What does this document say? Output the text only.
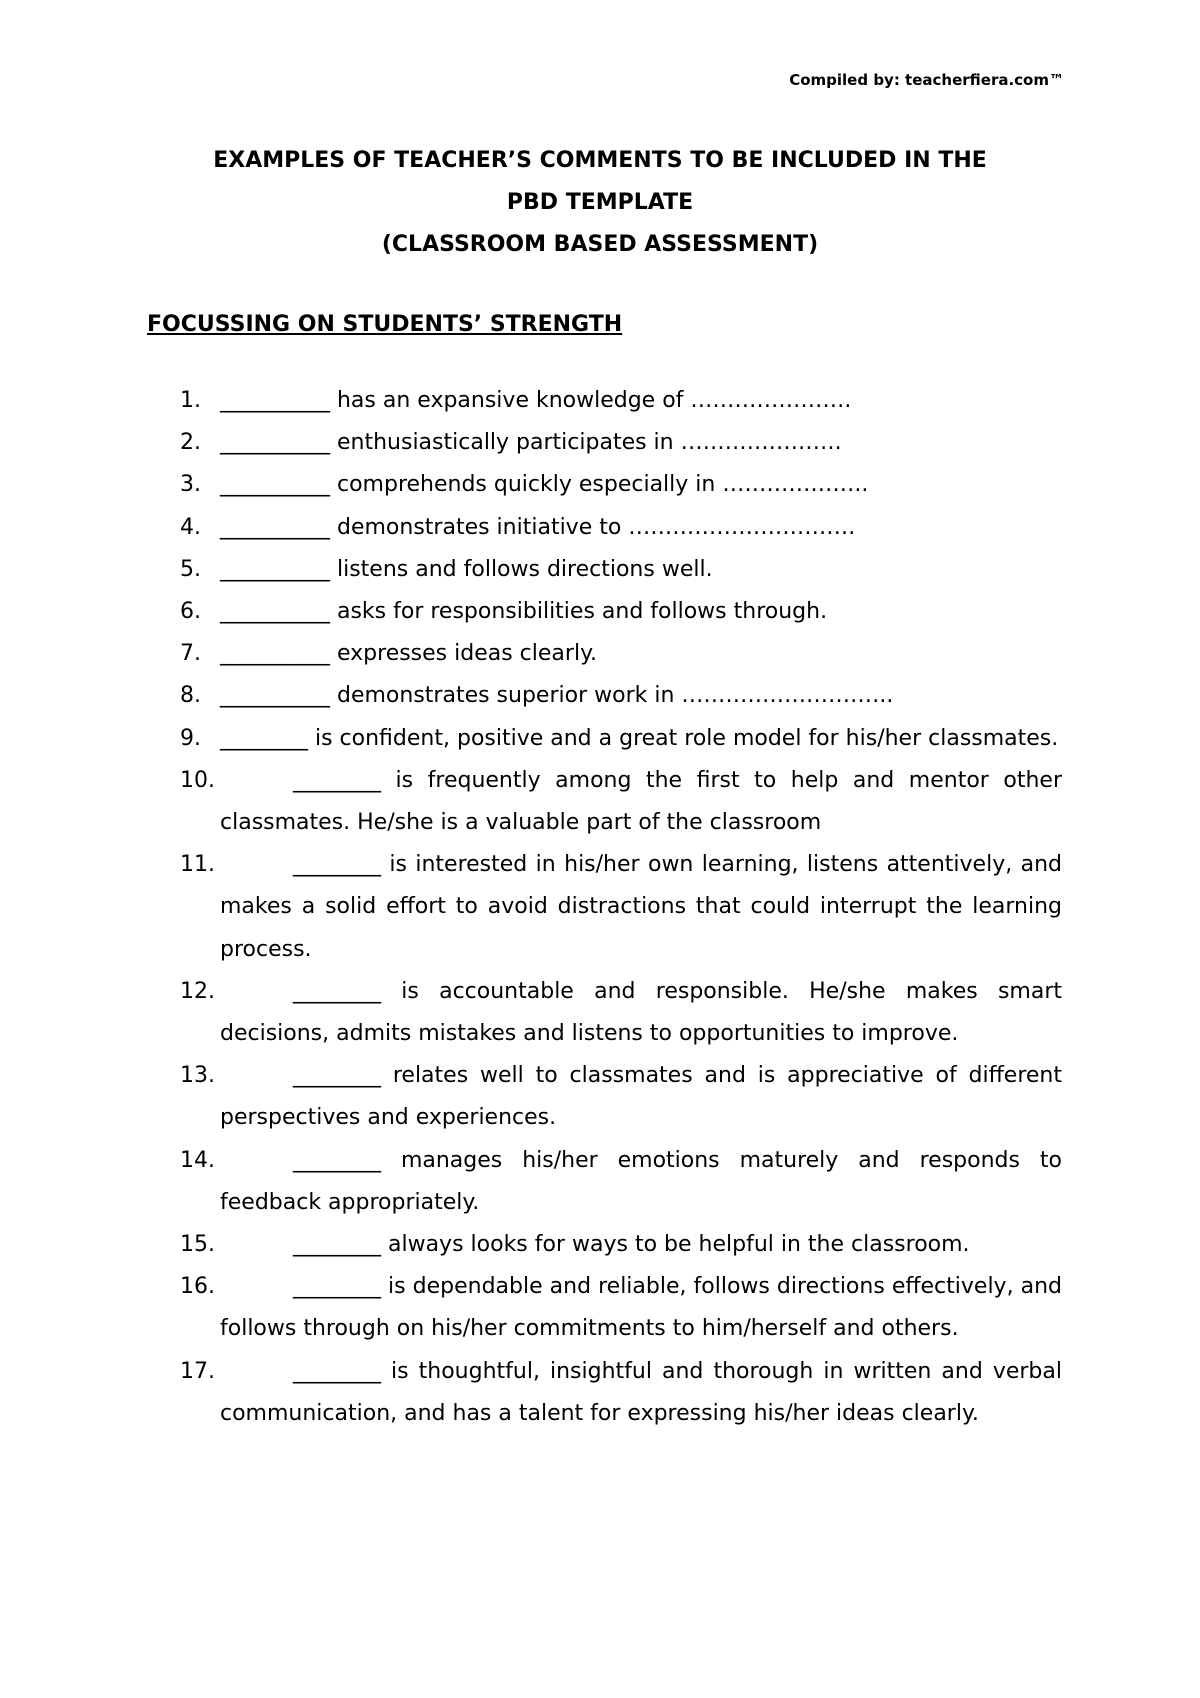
Compiled by: teacherfiera.com™
EXAMPLES OF TEACHER’S COMMENTS TO BE INCLUDED IN THE
PBD TEMPLATE
(CLASSROOM BASED ASSESSMENT)
FOCUSSING ON STUDENTS’ STRENGTH
1. __________ has an expansive knowledge of ………………….
2. __________ enthusiastically participates in ………………….
3. __________ comprehends quickly especially in ………………..
4. __________ demonstrates initiative to ………………………….
5. __________ listens and follows directions well.
6. __________ asks for responsibilities and follows through.
7. __________ expresses ideas clearly.
8. __________ demonstrates superior work in ………………………..
9. ________ is confident, positive and a great role model for his/her classmates.
10.	________ is frequently among the first to help and mentor other classmates. He/she is a valuable part of the classroom
11.	________ is interested in his/her own learning, listens attentively, and makes a solid effort to avoid distractions that could interrupt the learning process.
12.	________ is accountable and responsible. He/she makes smart decisions, admits mistakes and listens to opportunities to improve.
13.	________ relates well to classmates and is appreciative of different perspectives and experiences.
14.	________ manages his/her emotions maturely and responds to feedback appropriately.
15.	________ always looks for ways to be helpful in the classroom.
16.	________ is dependable and reliable, follows directions effectively, and follows through on his/her commitments to him/herself and others.
17.	________ is thoughtful, insightful and thorough in written and verbal communication, and has a talent for expressing his/her ideas clearly.
